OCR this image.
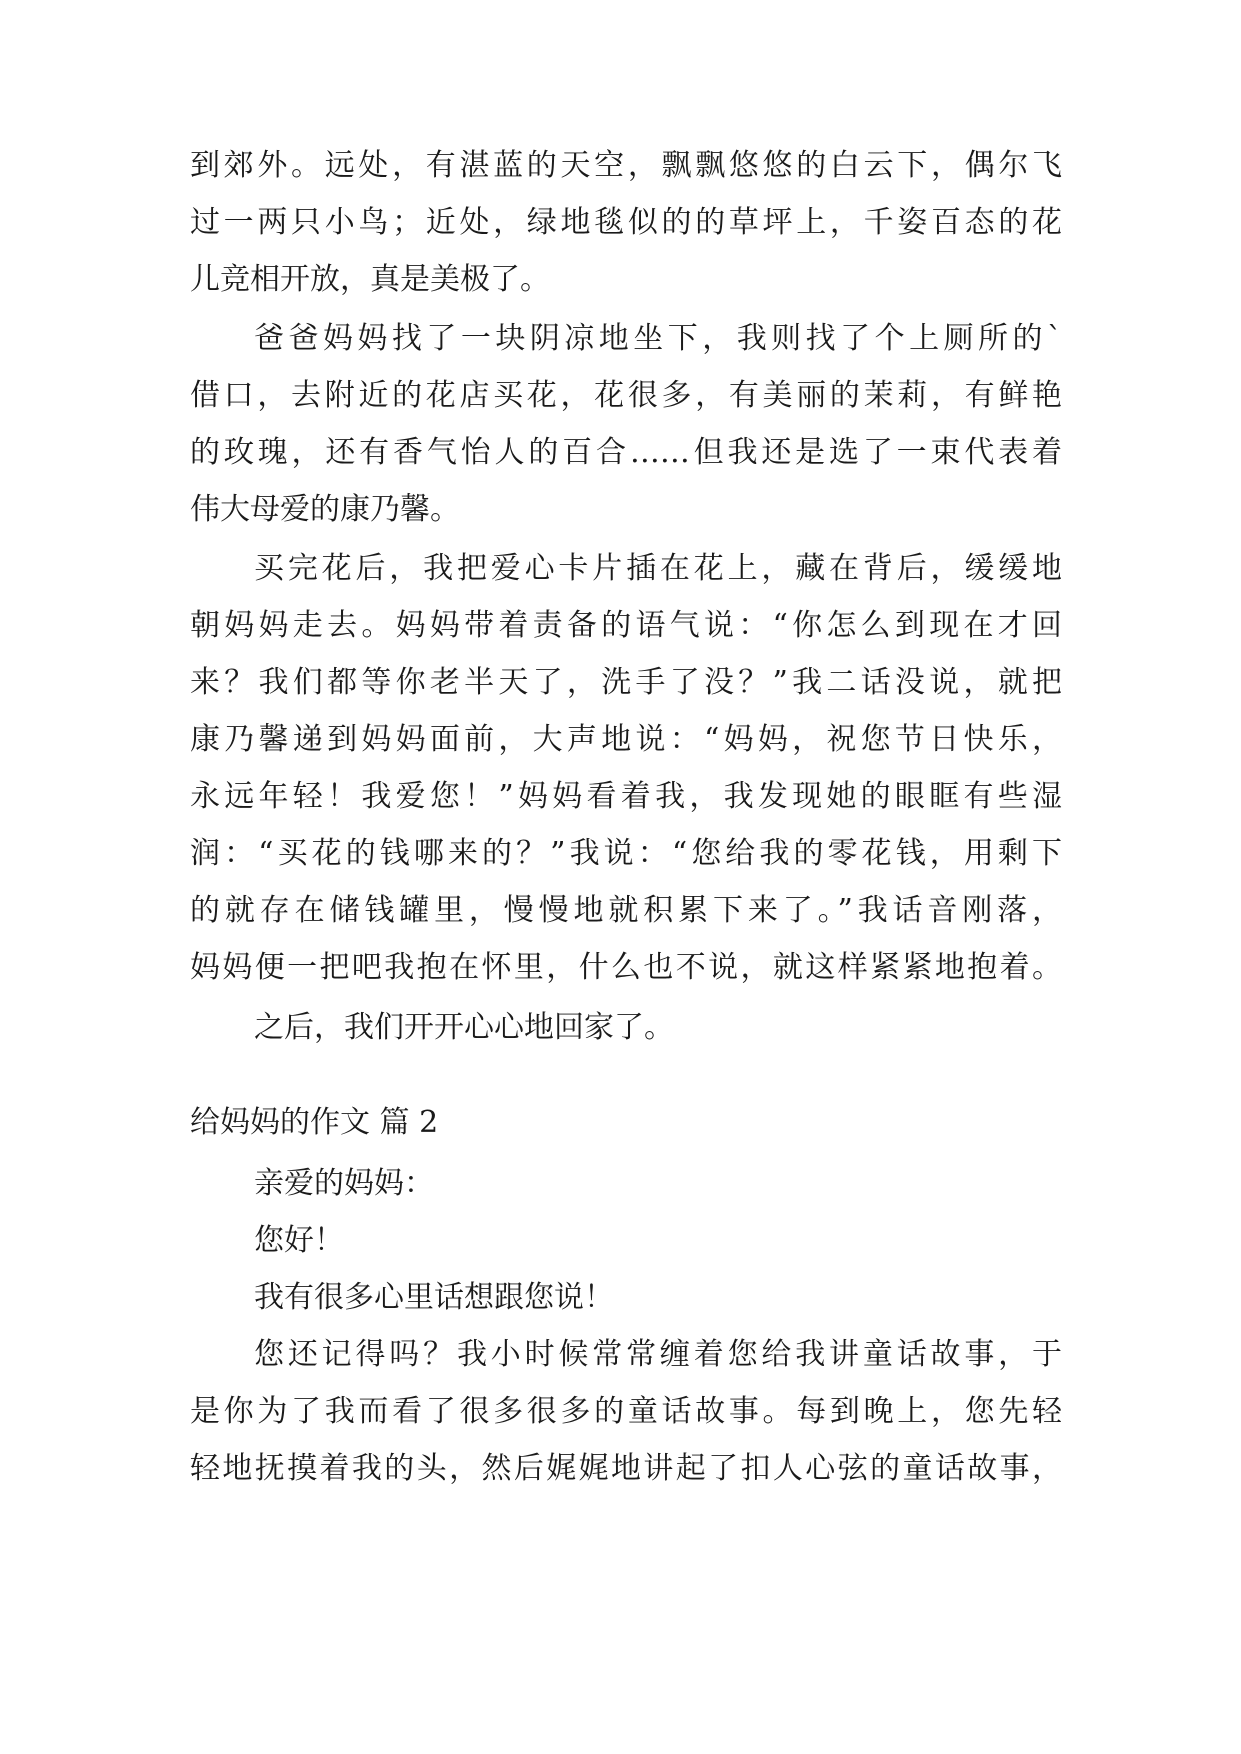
到郊外。远处，有湛蓝的天空，飘飘悠悠的白云下，偶尔飞
过一两只小鸟；近处，绿地毯似的的草坪上，千姿百态的花
儿竞相开放，真是美极了。
爸爸妈妈找了一块阴凉地坐下，我则找了个上厕所的`
借口，去附近的花店买花，花很多，有美丽的茉莉，有鲜艳
的玫瑰，还有香气怡人的百合……但我还是选了一束代表着
伟大母爱的康乃馨。
买完花后，我把爱心卡片插在花上，藏在背后，缓缓地
朝妈妈走去。妈妈带着责备的语气说：“你怎么到现在才回
来？我们都等你老半天了，洗手了没？”我二话没说，就把
康乃馨递到妈妈面前，大声地说：“妈妈，祝您节日快乐，
永远年轻！我爱您！”妈妈看着我，我发现她的眼眶有些湿
润：“买花的钱哪来的？”我说：“您给我的零花钱，用剩下
的就存在储钱罐里，慢慢地就积累下来了。”我话音刚落，
妈妈便一把吧我抱在怀里，什么也不说，就这样紧紧地抱着。
之后，我们开开心心地回家了。
给妈妈的作文 篇 2
亲爱的妈妈：
您好！
我有很多心里话想跟您说！
您还记得吗？我小时候常常缠着您给我讲童话故事，于
是你为了我而看了很多很多的童话故事。每到晚上，您先轻
轻地抚摸着我的头，然后娓娓地讲起了扣人心弦的童话故事，
